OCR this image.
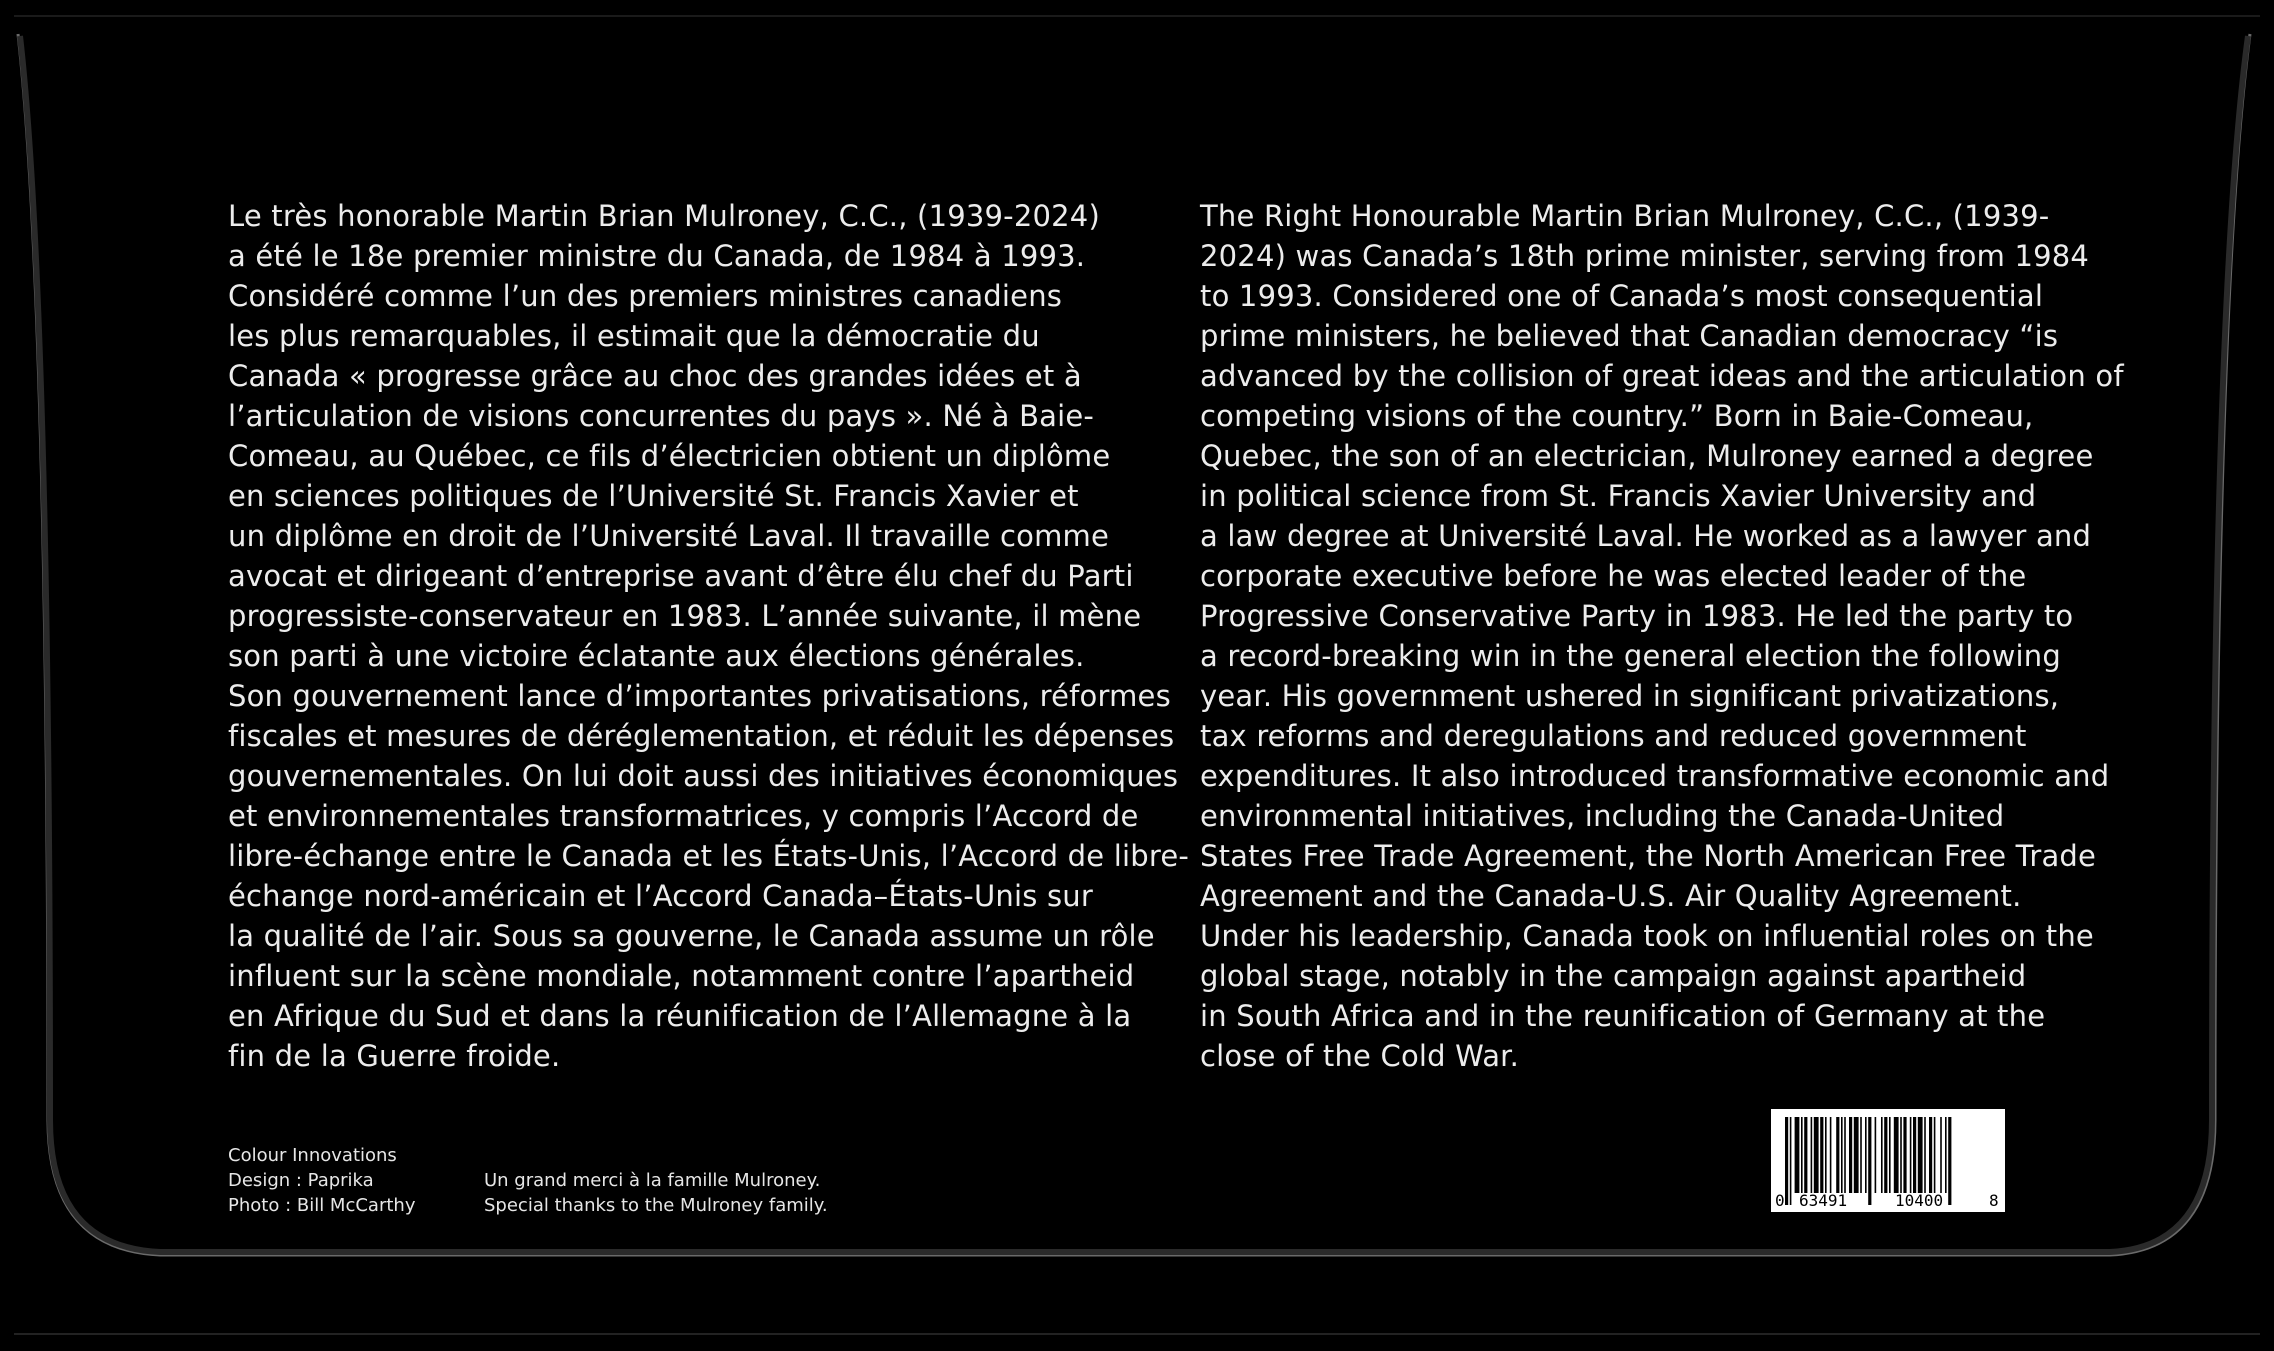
Le très honorable Martin Brian Mulroney, C.C., (1939-2024)
a été le 18e premier ministre du Canada, de 1984 à 1993.
Considéré comme l’un des premiers ministres canadiens
les plus remarquables, il estimait que la démocratie du
Canada « progresse grâce au choc des grandes idées et à
l’articulation de visions concurrentes du pays ». Né à Baie-
Comeau, au Québec, ce fils d’électricien obtient un diplôme
en sciences politiques de l’Université St. Francis Xavier et
un diplôme en droit de l’Université Laval. Il travaille comme
avocat et dirigeant d’entreprise avant d’être élu chef du Parti
progressiste-conservateur en 1983. L’année suivante, il mène
son parti à une victoire éclatante aux élections générales.
Son gouvernement lance d’importantes privatisations, réformes
fiscales et mesures de déréglementation, et réduit les dépenses
gouvernementales. On lui doit aussi des initiatives économiques
et environnementales transformatrices, y compris l’Accord de
libre-échange entre le Canada et les États-Unis, l’Accord de libre-
échange nord-américain et l’Accord Canada–États-Unis sur
la qualité de l’air. Sous sa gouverne, le Canada assume un rôle
influent sur la scène mondiale, notamment contre l’apartheid
en Afrique du Sud et dans la réunification de l’Allemagne à la
fin de la Guerre froide.
The Right Honourable Martin Brian Mulroney, C.C., (1939-
2024) was Canada’s 18th prime minister, serving from 1984
to 1993. Considered one of Canada’s most consequential
prime ministers, he believed that Canadian democracy “is
advanced by the collision of great ideas and the articulation of
competing visions of the country.” Born in Baie-Comeau,
Quebec, the son of an electrician, Mulroney earned a degree
in political science from St. Francis Xavier University and
a law degree at Université Laval. He worked as a lawyer and
corporate executive before he was elected leader of the
Progressive Conservative Party in 1983. He led the party to
a record-breaking win in the general election the following
year. His government ushered in significant privatizations,
tax reforms and deregulations and reduced government
expenditures. It also introduced transformative economic and
environmental initiatives, including the Canada-United
States Free Trade Agreement, the North American Free Trade
Agreement and the Canada-U.S. Air Quality Agreement.
Under his leadership, Canada took on influential roles on the
global stage, notably in the campaign against apartheid
in South Africa and in the reunification of Germany at the
close of the Cold War.
Colour Innovations
Design : Paprika
Photo : Bill McCarthy
Un grand merci à la famille Mulroney.
Special thanks to the Mulroney family.	0 63491	10400	8
